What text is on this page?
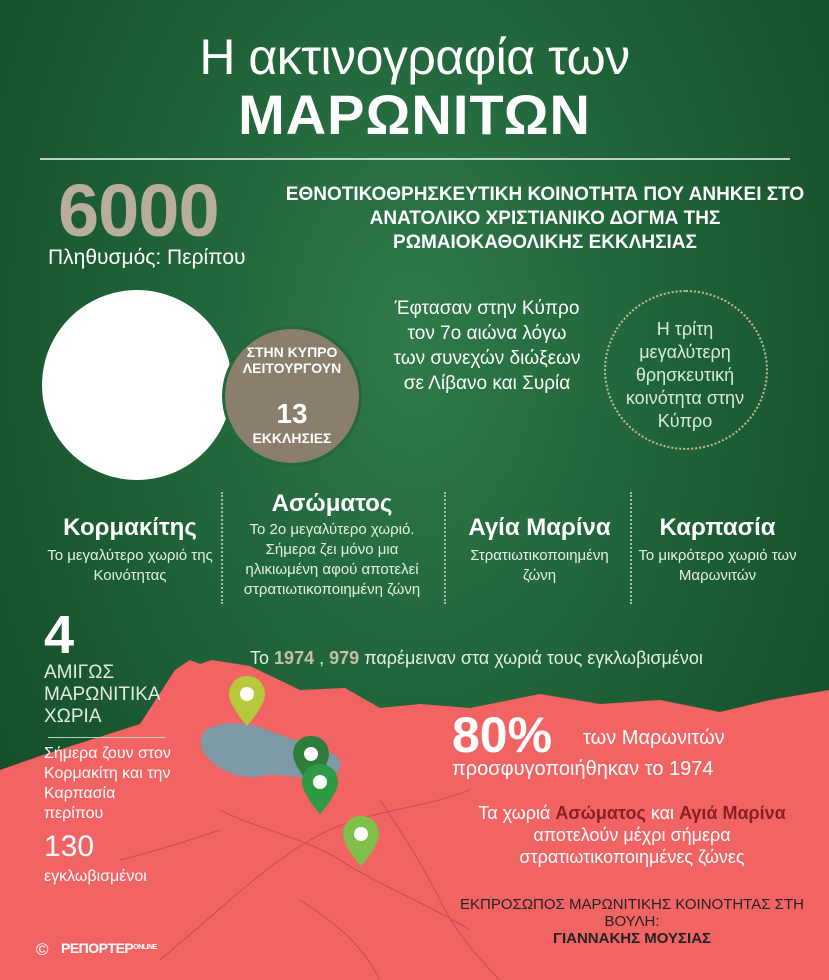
Η ακτινογραφία των
ΜΑΡΩΝΙΤΩΝ
6000
Πληθυσμός: Περίπου
ΕΘΝΟΤΙΚΟΘΡΗΣΚΕΥΤΙΚΗ ΚΟΙΝΟΤΗΤΑ ΠΟΥ ΑΝΗΚΕΙ ΣΤΟ ΑΝΑΤΟΛΙΚΟ ΧΡΙΣΤΙΑΝΙΚΟ ΔΟΓΜΑ ΤΗΣ ΡΩΜΑΙΟΚΑΘΟΛΙΚΗΣ ΕΚΚΛΗΣΙΑΣ
Το υψηλότερο ποσοστό Μαρωνιτών σε σχέση με άλλες θρησκείες καταγράφεται στον Λίβανο
ΣΤΗΝ ΚΥΠΡΟ ΛΕΙΤΟΥΡΓΟΥΝ
13
ΕΚΚΛΗΣΙΕΣ
Έφτασαν στην Κύπρο τον 7ο αιώνα λόγω των συνεχών διώξεων σε Λίβανο και Συρία
Η τρίτη μεγαλύτερη θρησκευτική κοινότητα στην Κύπρο
Κορμακίτης
Το μεγαλύτερο χωριό της Κοινότητας
Ασώματος
Το 2ο μεγαλύτερο χωριό. Σήμερα ζει μόνο μια ηλικιωμένη αφού αποτελεί στρατιωτικοποιημένη ζώνη
Αγία Μαρίνα
Στρατιωτικοποιημένη ζώνη
Καρπασία
Το μικρότερο χωριό των Μαρωνιτών
4
ΑΜΙΓΩΣ ΜΑΡΩΝΙΤΙΚΑ ΧΩΡΙΑ
Σήμερα ζουν στον Κορμακίτη και την Καρπασία περίπου
130
εγκλωβισμένοι
Το 1974 , 979 παρέμειναν στα χωριά τους εγκλωβισμένοι
80% των Μαρωνιτών
προσφυγοποιήθηκαν το 1974
Τα χωριά Ασώματος και Αγιά Μαρίνα αποτελούν μέχρι σήμερα στρατιωτικοποιημένες ζώνες
ΕΚΠΡΟΣΩΠΟΣ ΜΑΡΩΝΙΤΙΚΗΣ ΚΟΙΝΟΤΗΤΑΣ ΣΤΗ ΒΟΥΛΗ:
ΓΙΑΝΝΑΚΗΣ ΜΟΥΣΙΑΣ
© ΡΕΠΟΡΤΕΡONLINE
